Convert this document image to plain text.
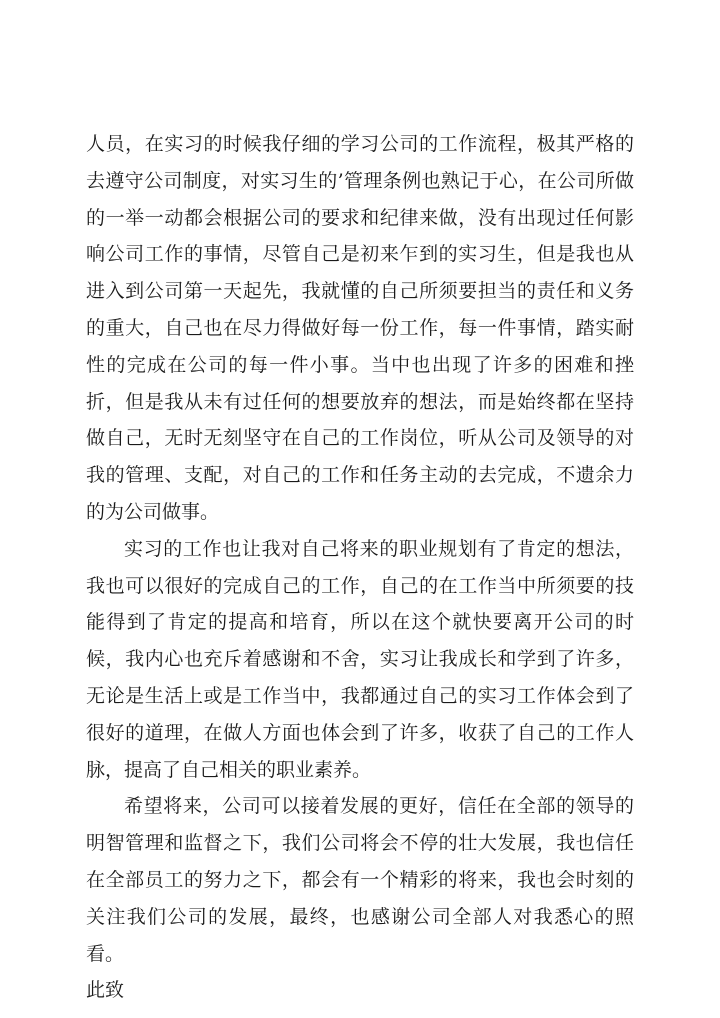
人员，在实习的时候我仔细的学习公司的工作流程，极其严格的去遵守公司制度，对实习生的’管理条例也熟记于心，在公司所做的一举一动都会根据公司的要求和纪律来做，没有出现过任何影响公司工作的事情，尽管自己是初来乍到的实习生，但是我也从进入到公司第一天起先，我就懂的自己所须要担当的责任和义务的重大，自己也在尽力得做好每一份工作，每一件事情，踏实耐性的完成在公司的每一件小事。当中也出现了许多的困难和挫折，但是我从未有过任何的想要放弃的想法，而是始终都在坚持做自己，无时无刻坚守在自己的工作岗位，听从公司及领导的对我的管理、支配，对自己的工作和任务主动的去完成，不遗余力的为公司做事。

实习的工作也让我对自己将来的职业规划有了肯定的想法，我也可以很好的完成自己的工作，自己的在工作当中所须要的技能得到了肯定的提高和培育，所以在这个就快要离开公司的时候，我内心也充斥着感谢和不舍，实习让我成长和学到了许多，无论是生活上或是工作当中，我都通过自己的实习工作体会到了很好的道理，在做人方面也体会到了许多，收获了自己的工作人脉，提高了自己相关的职业素养。

希望将来，公司可以接着发展的更好，信任在全部的领导的明智管理和监督之下，我们公司将会不停的壮大发展，我也信任在全部员工的努力之下，都会有一个精彩的将来，我也会时刻的关注我们公司的发展，最终，也感谢公司全部人对我悉心的照看。

此致
